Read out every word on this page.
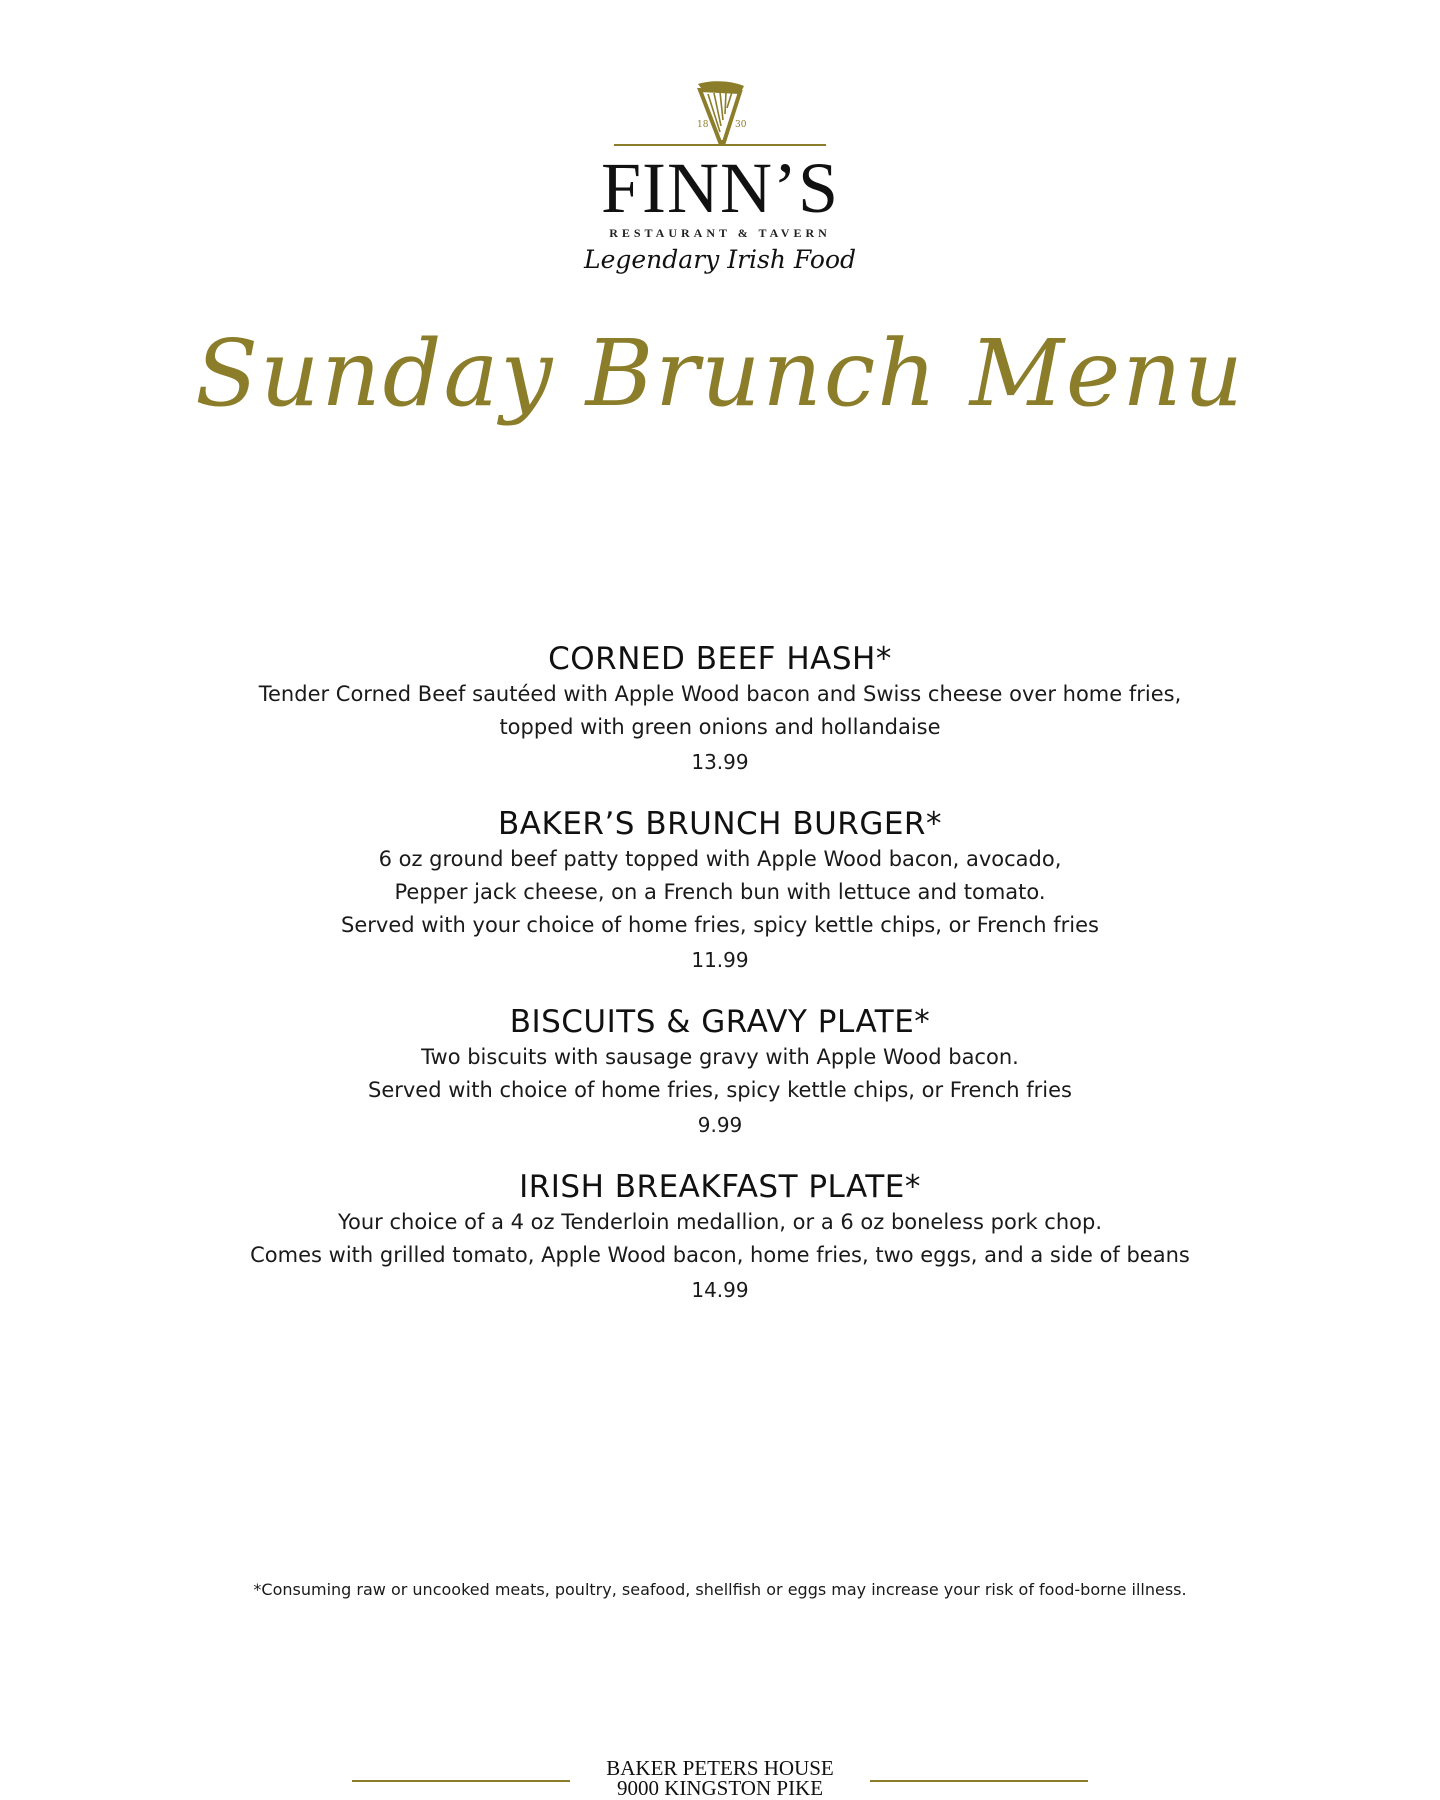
18	30
FINN’S
RESTAURANT & TAVERN
Legendary Irish Food
Sunday Brunch Menu
CORNED BEEF HASH*
Tender Corned Beef sautéed with Apple Wood bacon and Swiss cheese over home fries,
topped with green onions and hollandaise
13.99
BAKER’S BRUNCH BURGER*
6 oz ground beef patty topped with Apple Wood bacon, avocado,
Pepper jack cheese, on a French bun with lettuce and tomato.
Served with your choice of home fries, spicy kettle chips, or French fries
11.99
BISCUITS & GRAVY PLATE*
Two biscuits with sausage gravy with Apple Wood bacon.
Served with choice of home fries, spicy kettle chips, or French fries
9.99
IRISH BREAKFAST PLATE*
Your choice of a 4 oz Tenderloin medallion, or a 6 oz boneless pork chop.
Comes with grilled tomato, Apple Wood bacon, home fries, two eggs, and a side of beans
14.99
*Consuming raw or uncooked meats, poultry, seafood, shellfish or eggs may increase your risk of food-borne illness.
BAKER PETERS HOUSE
9000 KINGSTON PIKE
